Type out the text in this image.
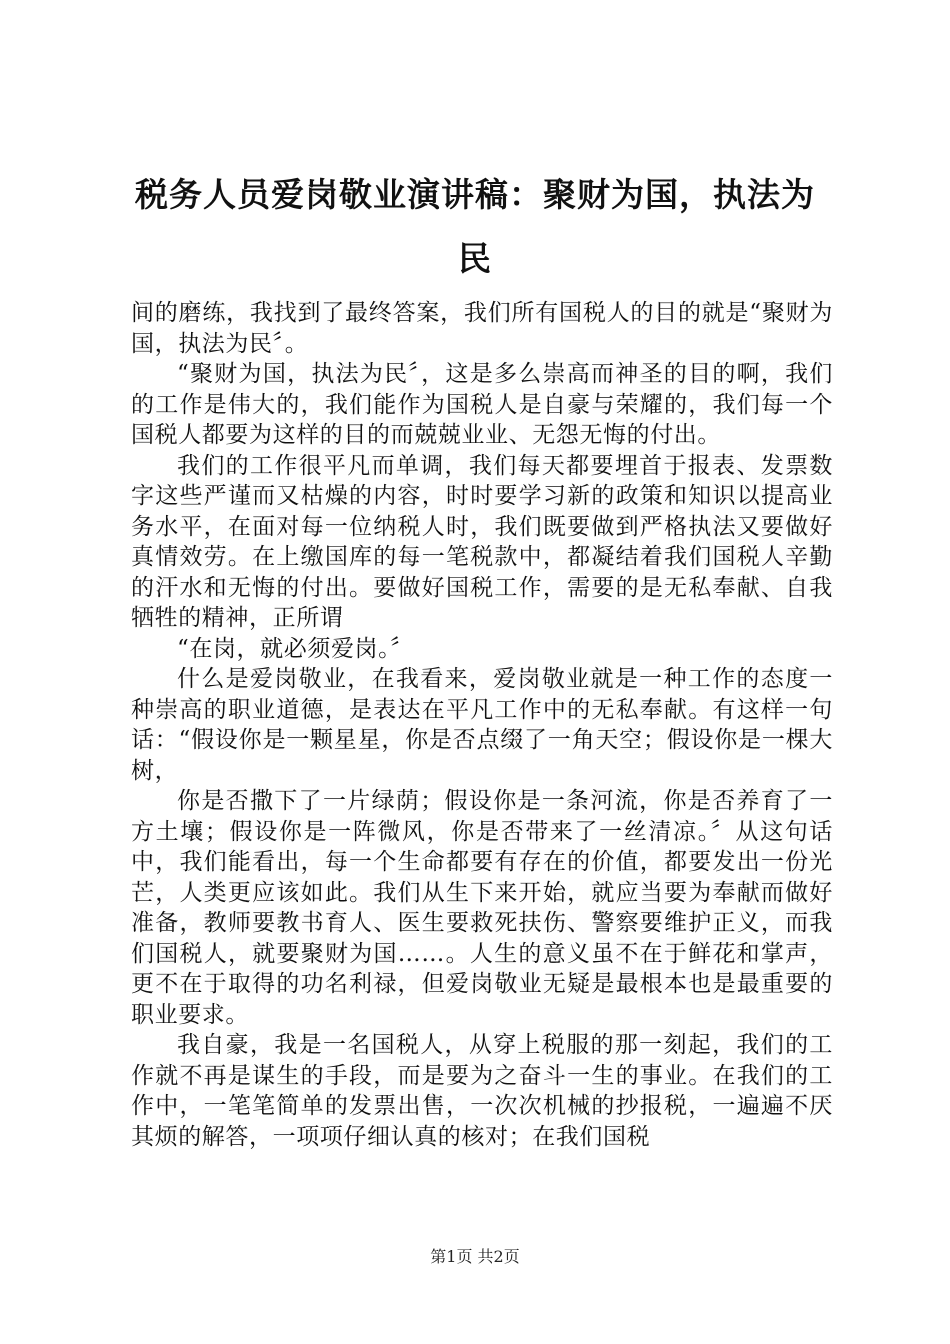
税务人员爱岗敬业演讲稿：聚财为国，执法为民

间的磨练，我找到了最终答案，我们所有国税人的目的就是“聚财为国，执法为民〞。

“聚财为国，执法为民〞，这是多么崇高而神圣的目的啊，我们的工作是伟大的，我们能作为国税人是自豪与荣耀的，我们每一个国税人都要为这样的目的而兢兢业业、无怨无悔的付出。

我们的工作很平凡而单调，我们每天都要埋首于报表、发票数字这些严谨而又枯燥的内容，时时要学习新的政策和知识以提高业务水平，在面对每一位纳税人时，我们既要做到严格执法又要做好真情效劳。在上缴国库的每一笔税款中，都凝结着我们国税人辛勤的汗水和无悔的付出。要做好国税工作，需要的是无私奉献、自我牺牲的精神，正所谓

“在岗，就必须爱岗。〞

什么是爱岗敬业，在我看来，爱岗敬业就是一种工作的态度一种崇高的职业道德，是表达在平凡工作中的无私奉献。有这样一句话：“假设你是一颗星星，你是否点缀了一角天空；假设你是一棵大树，

你是否撒下了一片绿荫；假设你是一条河流，你是否养育了一方土壤；假设你是一阵微风，你是否带来了一丝清凉。〞从这句话中，我们能看出，每一个生命都要有存在的价值，都要发出一份光芒，人类更应该如此。我们从生下来开始，就应当要为奉献而做好准备，教师要教书育人、医生要救死扶伤、警察要维护正义，而我们国税人，就要聚财为国……。人生的意义虽不在于鲜花和掌声，更不在于取得的功名利禄，但爱岗敬业无疑是最根本也是最重要的职业要求。

我自豪，我是一名国税人，从穿上税服的那一刻起，我们的工作就不再是谋生的手段，而是要为之奋斗一生的事业。在我们的工作中，一笔笔简单的发票出售，一次次机械的抄报税，一遍遍不厌其烦的解答，一项项仔细认真的核对；在我们国税

第1页 共2页
